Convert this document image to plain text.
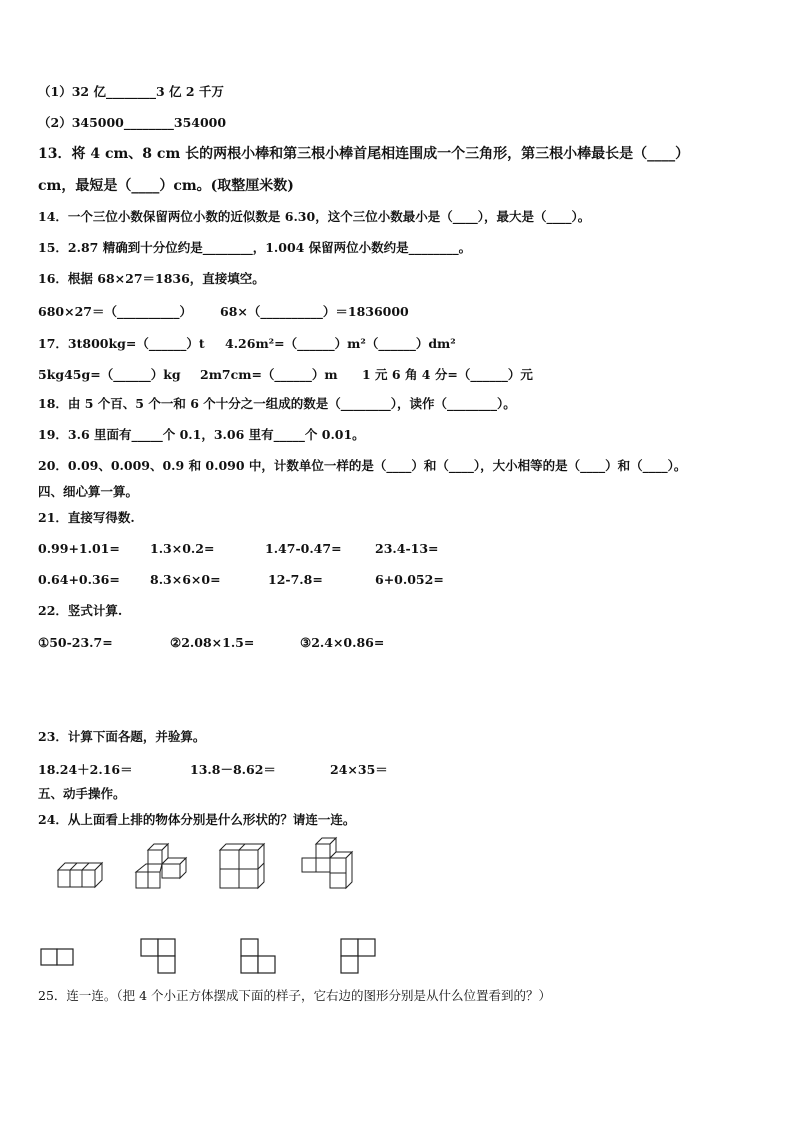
（1）32 亿________3 亿 2 千万
（2）345000________354000
13．将 4 cm、8 cm 长的两根小棒和第三根小棒首尾相连围成一个三角形，第三根小棒最长是（____）
cm，最短是（____）cm。(取整厘米数)
14．一个三位小数保留两位小数的近似数是 6.30，这个三位小数最小是（____），最大是（____）。
15．2.87 精确到十分位约是________，1.004 保留两位小数约是________。
16．根据 68×27＝1836，直接填空。
680×27＝（__________） 68×（__________）＝1836000
17．3t800kg=（______）t 4.26m²=（______）m²（______）dm²
5kg45g=（______）kg 2m7cm=（______）m 1 元 6 角 4 分=（______）元
18．由 5 个百、5 个一和 6 个十分之一组成的数是（________），读作（________）。
19．3.6 里面有_____个 0.1，3.06 里有_____个 0.01。
20．0.09、0.009、0.9 和 0.090 中，计数单位一样的是（____）和（____），大小相等的是（____）和（____）。
四、细心算一算。
21．直接写得数.
0.99+1.01= 1.3×0.2=	1.47-0.47=	23.4-13=
0.64+0.36= 8.3×6×0=	12-7.8=	6+0.052=
22．竖式计算.
①50-23.7=	②2.08×1.5=	③2.4×0.86=
23．计算下面各题，并验算。
18.24＋2.16＝	13.8－8.62＝	24×35＝
五、动手操作。
24．从上面看上排的物体分别是什么形状的？请连一连。
25．连一连。（把 4 个小正方体摆成下面的样子，它右边的图形分别是从什么位置看到的？）
